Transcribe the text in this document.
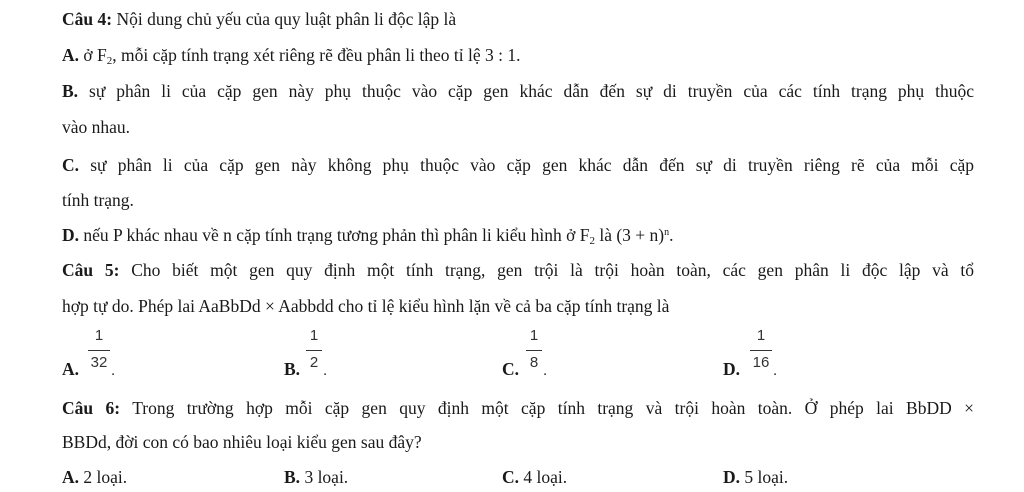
Câu 4: Nội dung chủ yếu của quy luật phân li độc lập là
A. ở $F_2$, mỗi cặp tính trạng xét riêng rẽ đều phân li theo tỉ lệ 3 : 1.
B. sự phân li của cặp gen này phụ thuộc vào cặp gen khác dẫn đến sự di truyền của các tính trạng phụ thuộc
vào nhau.
C. sự phân li của cặp gen này không phụ thuộc vào cặp gen khác dẫn đến sự di truyền riêng rẽ của mỗi cặp
tính trạng.
D. nếu P khác nhau về n cặp tính trạng tương phản thì phân li kiểu hình ở $F_2$ là $(3 + n)^n$.
Câu 5: Cho biết một gen quy định một tính trạng, gen trội là trội hoàn toàn, các gen phân li độc lập và tổ
hợp tự do. Phép lai AaBbDd × Aabbdd cho tỉ lệ kiểu hình lặn về cả ba cặp tính trạng là
A.
1
32 .	B.
1
2 .	C.
1
8 .	D.
1
16 .
Câu 6: Trong trường hợp mỗi cặp gen quy định một cặp tính trạng và trội hoàn toàn. Ở phép lai BbDD ×
BBDd, đời con có bao nhiêu loại kiểu gen sau đây?
A. 2 loại.	B. 3 loại.	C. 4 loại.	D. 5 loại.
